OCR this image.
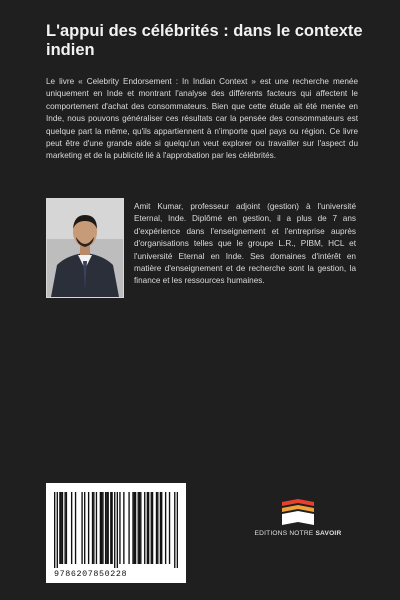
L'appui des célébrités : dans le contexte indien
Le livre « Celebrity Endorsement : In Indian Context » est une recherche menée uniquement en Inde et montrant l'analyse des différents facteurs qui affectent le comportement d'achat des consommateurs. Bien que cette étude ait été menée en Inde, nous pouvons généraliser ces résultats car la pensée des consommateurs est quelque part la même, qu'ils appartiennent à n'importe quel pays ou région. Ce livre peut être d'une grande aide si quelqu'un veut explorer ou travailler sur l'aspect du marketing et de la publicité lié à l'approbation par les célébrités.
Amit Kumar, professeur adjoint (gestion) à l'université Eternal, Inde. Diplômé en gestion, il a plus de 7 ans d'expérience dans l'enseignement et l'entreprise auprès d'organisations telles que le groupe L.R., PIBM, HCL et l'université Eternal en Inde. Ses domaines d'intérêt en matière d'enseignement et de recherche sont la gestion, la finance et les ressources humaines.
9786207850228
EDITIONS NOTRE SAVOIR
